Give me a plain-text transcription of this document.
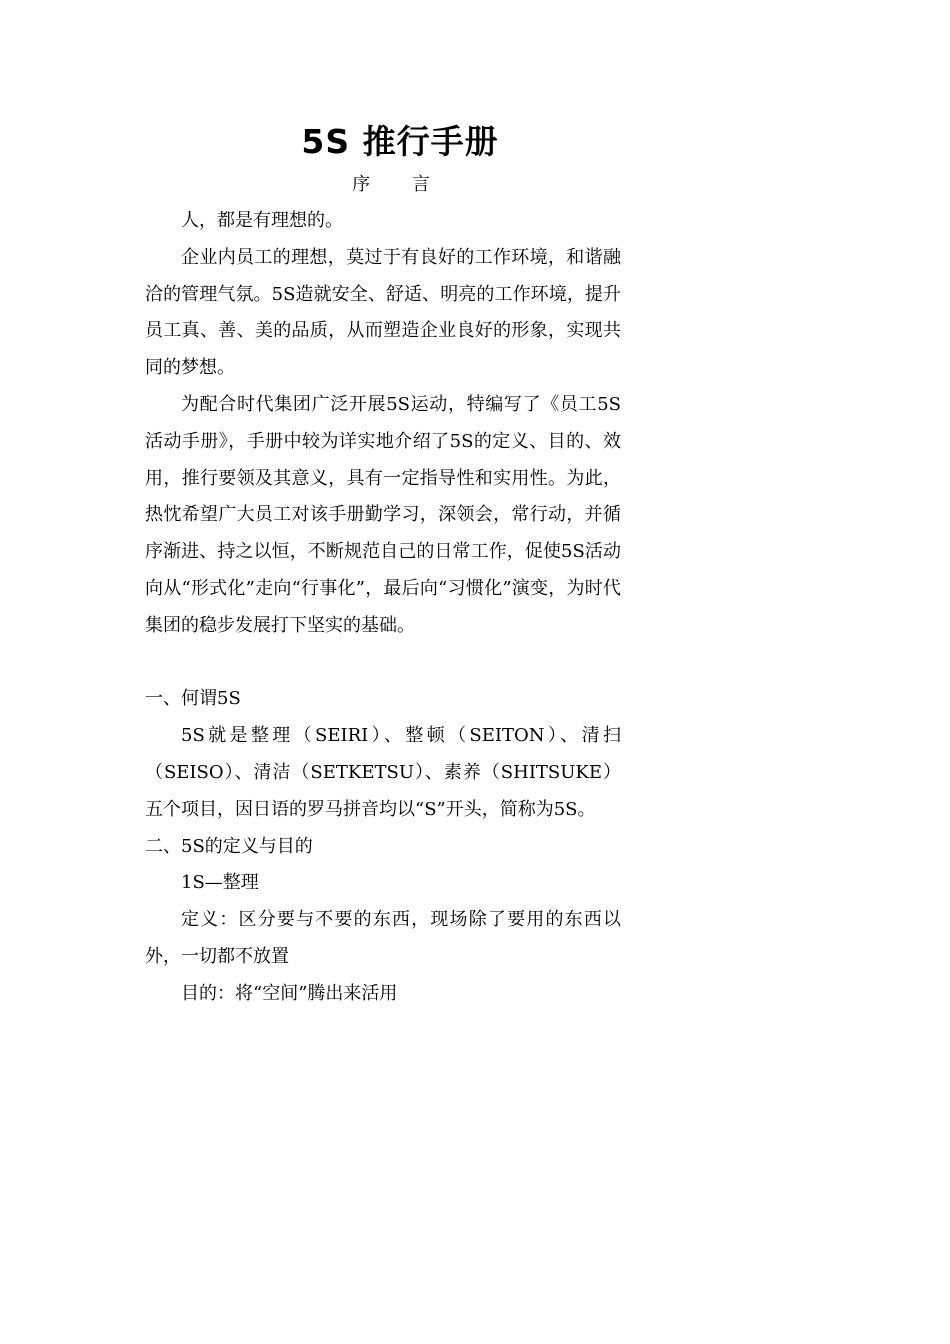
5S 推行手册
序 言

人，都是有理想的。

企业内员工的理想，莫过于有良好的工作环境，和谐融洽的管理气氛。5S造就安全、舒适、明亮的工作环境，提升员工真、善、美的品质，从而塑造企业良好的形象，实现共同的梦想。

为配合时代集团广泛开展5S运动，特编写了《员工5S活动手册》，手册中较为详实地介绍了5S的定义、目的、效用，推行要领及其意义，具有一定指导性和实用性。为此，热忱希望广大员工对该手册勤学习，深领会，常行动，并循序渐进、持之以恒，不断规范自己的日常工作，促使5S活动向从“形式化”走向“行事化”，最后向“习惯化”演变，为时代集团的稳步发展打下坚实的基础。

一、何谓5S

5S就是整理（SEIRI）、整顿（SEITON）、清扫（SEISO）、清洁（SETKETSU）、素养（SHITSUKE）五个项目，因日语的罗马拼音均以“S”开头，简称为5S。

二、5S的定义与目的

1S—整理

定义：区分要与不要的东西，现场除了要用的东西以外，一切都不放置

目的：将“空间”腾出来活用
